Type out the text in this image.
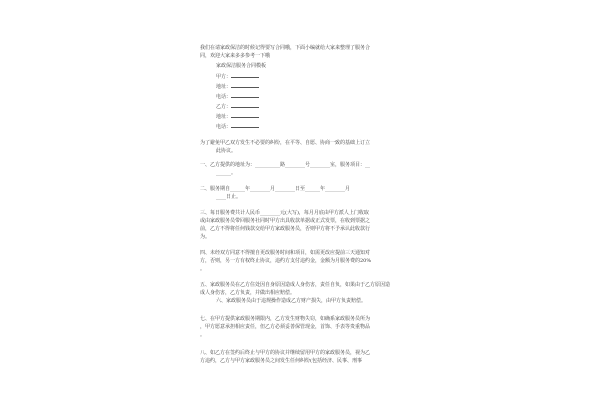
我们在请家政保洁的时候记得要写合同哦，下面小编就给大家来整理了服务合
同，欢迎大家来多多参考一下哦
家政保洁服务合同模板
甲方：
地址：
电话：
乙方：
地址：
电话：
为了避免甲乙双方发生不必要的纠纷，在平等、自愿、协商一致的基础上订立
此协议。
一、乙方提供的地址为：__________路________号________室，服务项目：__
______。
二、服务期自______年________月________日至______年________月
____日止。
三、每日服务费共计人民币________元(大写)，每月月底由甲方派人上门收取
或由家政服务员带回服务社同时甲方出具收款单据或正式发票，在收到票据之
前，乙方不得将任何钱款交给甲方家政服务员，否则甲方将不予承认此收款行
为。
四、未经双方同意不得擅自更改服务时间和项目，如需更改应提前三天通知对
方，否则，另一方有权终止协议，违约方支付违约金，金额为月服务费的20%
。
五、家政服务员在乙方住处因自身原因造成人身伤害，责任自负，如果由于乙方原因造
成人身伤害，乙方负责，并做出相应赔偿。
六、家政服务员由于违规操作造成乙方财产损失，由甲方负责赔偿。
七、在甲方提供家政服务期限内，乙方发生财物失窃，如确系家政服务员所为
，甲方愿意承担相应责任，但乙方必须妥善保管现金，首饰、手表等贵重物品
。
八、如乙方在签约后终止与甲方的协议并继续留用甲方的家政服务员，视为乙
方违约，乙方与甲方家政服务员之间发生任何纠纷(包括经济、民事、刑事
